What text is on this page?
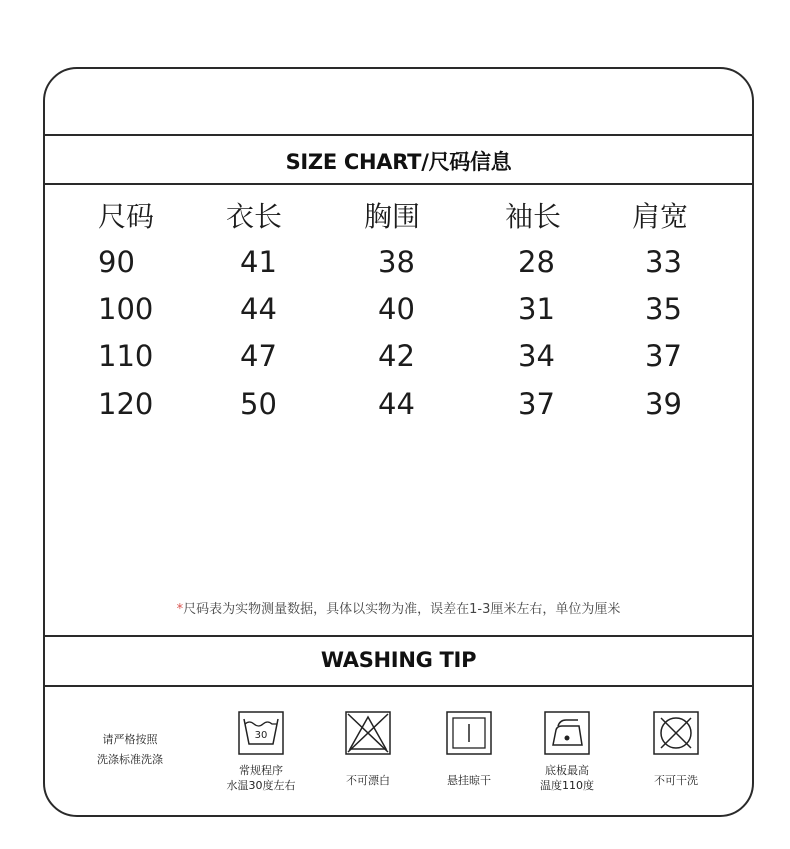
SIZE CHART/尺码信息
尺码	衣长	胸围	袖长	肩宽
90	41	38	28	33
100	44	40	31	35
110	47	42	34	37
120	50	44	37	39
*尺码表为实物测量数据，具体以实物为准，误差在1-3厘米左右，单位为厘米
WASHING TIP
请严格按照
洗涤标准洗涤
30
常规程序
水温30度左右	不可漂白	悬挂晾干
底板最高
温度110度	不可干洗
